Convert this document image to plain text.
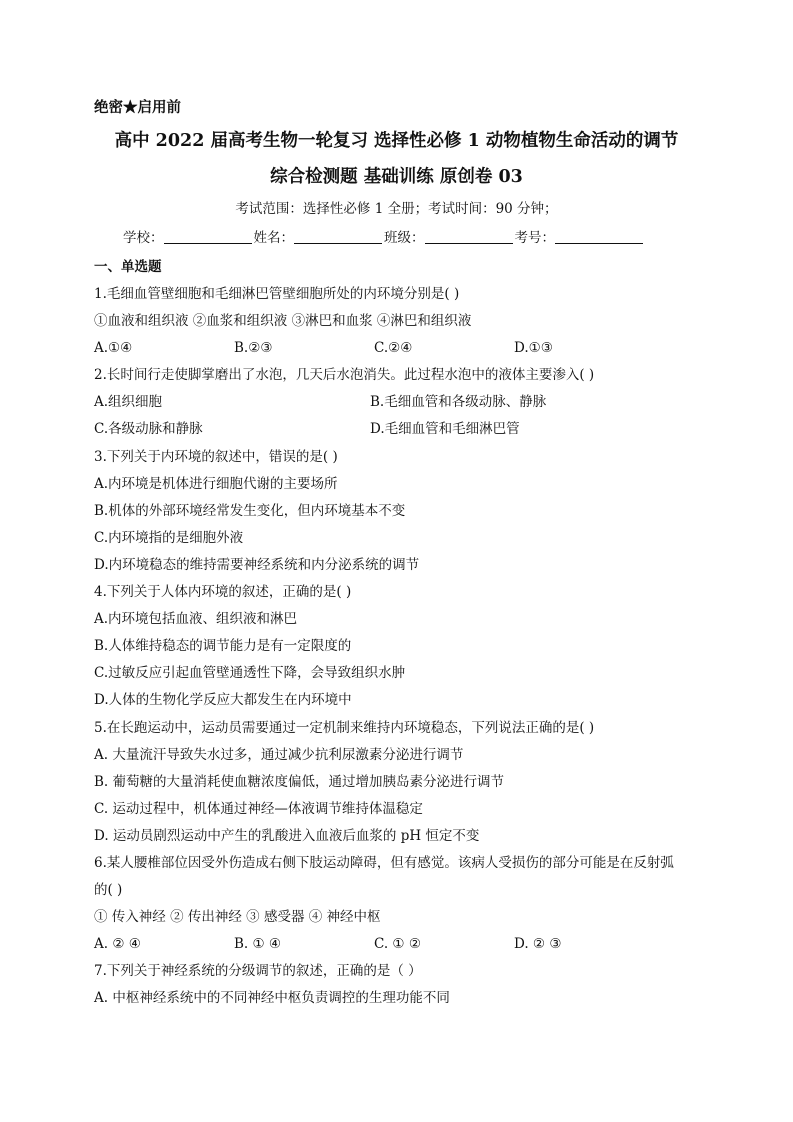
绝密★启用前
高中 2022 届高考生物一轮复习 选择性必修 1 动物植物生命活动的调节
综合检测题 基础训练 原创卷 03
考试范围：选择性必修 1 全册；考试时间：90 分钟；
学校：	姓名：	班级：	考号：
一、单选题
1.毛细血管壁细胞和毛细淋巴管壁细胞所处的内环境分别是( )
①血液和组织液 ②血浆和组织液 ③淋巴和血浆 ④淋巴和组织液
A.①④	B.②③	C.②④	D.①③
2.长时间行走使脚掌磨出了水泡，几天后水泡消失。此过程水泡中的液体主要渗入( )
A.组织细胞	B.毛细血管和各级动脉、静脉
C.各级动脉和静脉	D.毛细血管和毛细淋巴管
3.下列关于内环境的叙述中，错误的是( )
A.内环境是机体进行细胞代谢的主要场所
B.机体的外部环境经常发生变化，但内环境基本不变
C.内环境指的是细胞外液
D.内环境稳态的维持需要神经系统和内分泌系统的调节
4.下列关于人体内环境的叙述，正确的是( )
A.内环境包括血液、组织液和淋巴
B.人体维持稳态的调节能力是有一定限度的
C.过敏反应引起血管壁通透性下降，会导致组织水肿
D.人体的生物化学反应大都发生在内环境中
5.在长跑运动中，运动员需要通过一定机制来维持内环境稳态，下列说法正确的是( )
A. 大量流汗导致失水过多，通过减少抗利尿激素分泌进行调节
B. 葡萄糖的大量消耗使血糖浓度偏低，通过增加胰岛素分泌进行调节
C. 运动过程中，机体通过神经—体液调节维持体温稳定
D. 运动员剧烈运动中产生的乳酸进入血液后血浆的 pH 恒定不变
6.某人腰椎部位因受外伤造成右侧下肢运动障碍，但有感觉。该病人受损伤的部分可能是在反射弧
的( )
① 传入神经 ② 传出神经 ③ 感受器 ④ 神经中枢
A. ② ④	B. ① ④	C. ① ②	D. ② ③
7.下列关于神经系统的分级调节的叙述，正确的是（ ）
A. 中枢神经系统中的不同神经中枢负责调控的生理功能不同
